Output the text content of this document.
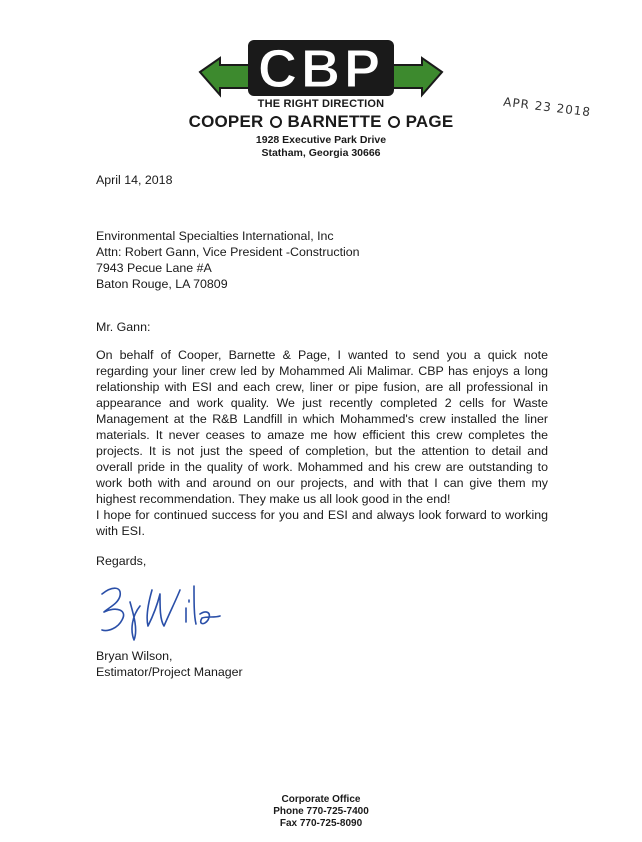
CBP
THE RIGHT DIRECTION
COOPER BARNETTE PAGE
1928 Executive Park Drive
Statham, Georgia 30666
APR 23 2018
April 14, 2018
Environmental Specialties International, Inc
Attn: Robert Gann, Vice President -Construction
7943 Pecue Lane #A
Baton Rouge, LA 70809
Mr. Gann:
On behalf of Cooper, Barnette & Page, I wanted to send you a quick note regarding your liner crew led by Mohammed Ali Malimar. CBP has enjoys a long relationship with ESI and each crew, liner or pipe fusion, are all professional in appearance and work quality. We just recently completed 2 cells for Waste Management at the R&B Landfill in which Mohammed's crew installed the liner materials. It never ceases to amaze me how efficient this crew completes the projects. It is not just the speed of completion, but the attention to detail and overall pride in the quality of work. Mohammed and his crew are outstanding to work both with and around on our projects, and with that I can give them my highest recommendation. They make us all look good in the end!
I hope for continued success for you and ESI and always look forward to working with ESI.
Regards,
Bryan Wilson,
Estimator/Project Manager
Corporate Office
Phone 770-725-7400
Fax 770-725-8090
